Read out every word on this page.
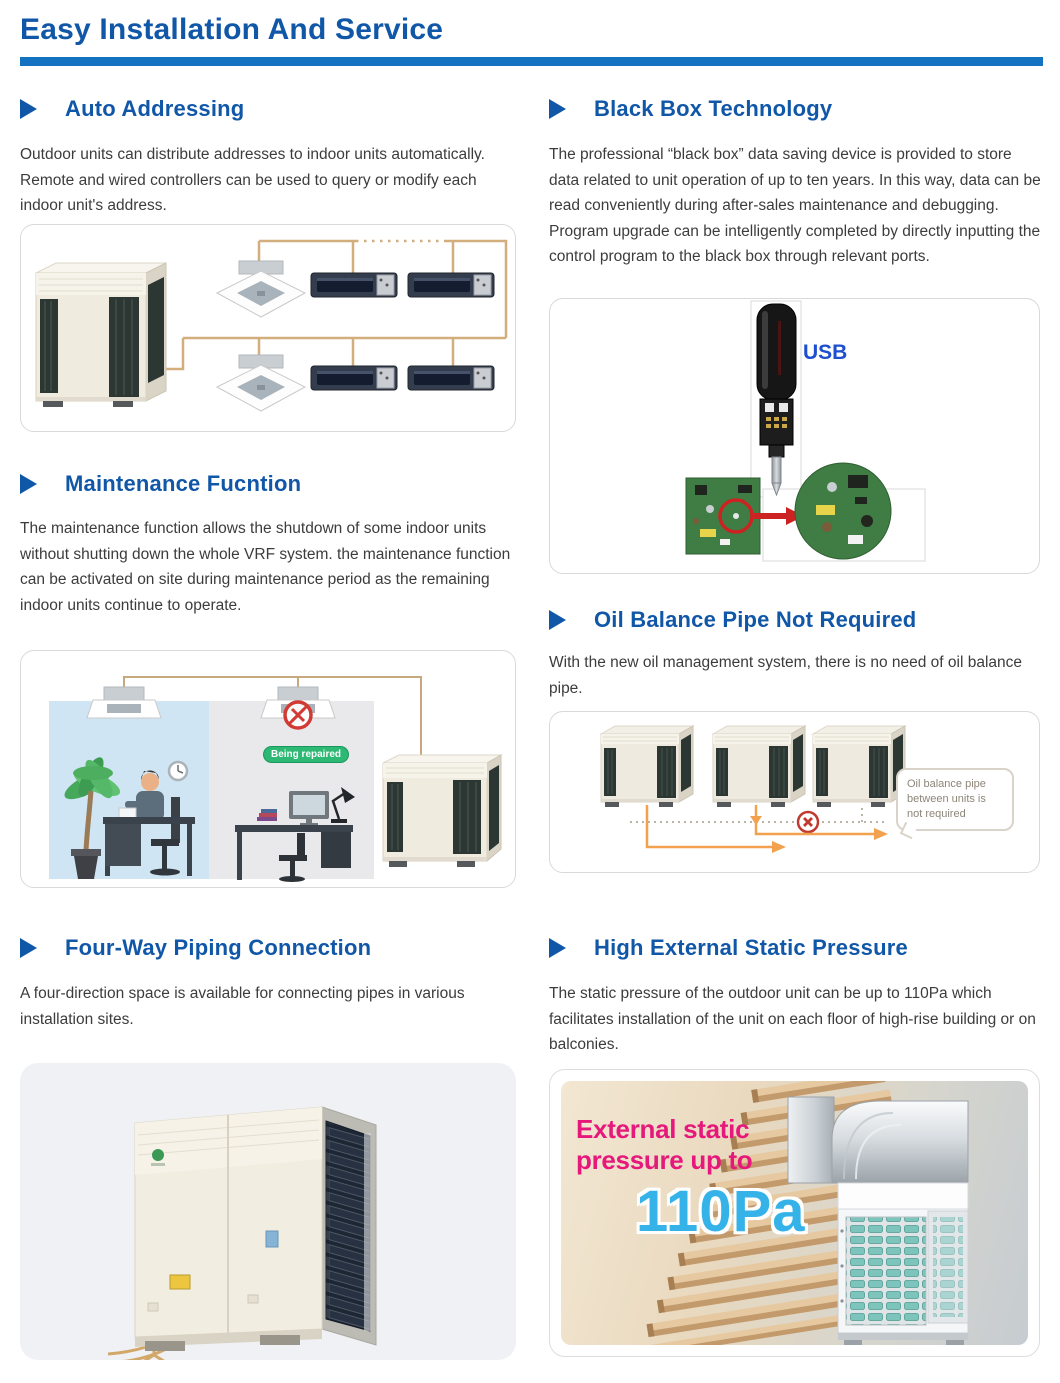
Easy Installation And Service
Auto Addressing
Outdoor units can distribute addresses to indoor units automatically. Remote and wired controllers can be used to query or modify each indoor unit's address.
Black Box Technology
The professional “black box” data saving device is provided to store data related to unit operation of up to ten years. In this way, data can be read conveniently during after-sales maintenance and debugging. Program upgrade can be intelligently completed by directly inputting the control program to the black box through relevant ports.
Maintenance Fucntion
The maintenance function allows the shutdown of some indoor units without shutting down the whole VRF system. the maintenance function can be activated on site during maintenance period as the remaining indoor units continue to operate.
Oil Balance Pipe Not Required
With the new oil management system, there is no need of oil balance pipe.
Four-Way Piping Connection
A four-direction space is available for connecting pipes in various installation sites.
High External Static Pressure
The static pressure of the outdoor unit can be up to 110Pa which facilitates installation of the unit on each floor of high-rise building or on balconies.
USB
Being repaired
Oil balance pipe between units is not required
External static
pressure up to
110Pa
